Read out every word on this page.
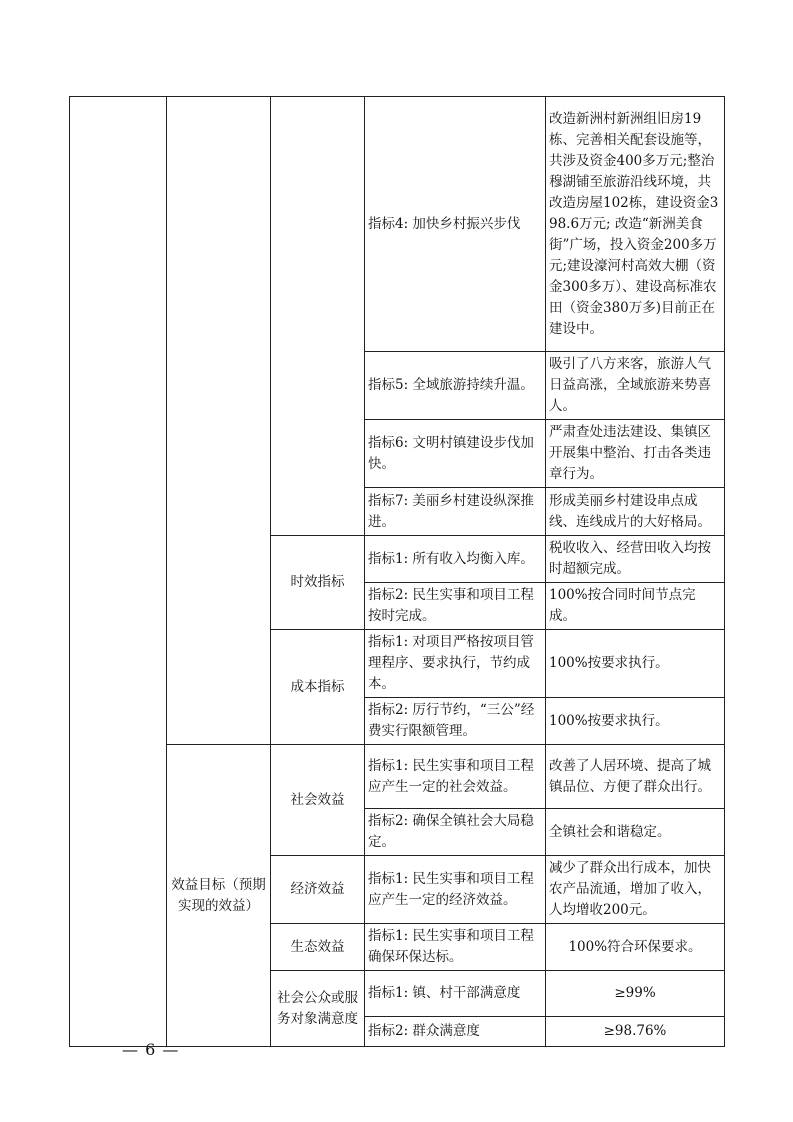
			指标4: 加快乡村振兴步伐	改造新洲村新洲组旧房19栋、完善相关配套设施等，共涉及资金400多万元;整治穆湖铺至旅游沿线环境，共改造房屋102栋，建设资金398.6万元; 改造“新洲美食街”广场，投入资金200多万元;建设濠河村高效大棚（资金300多万）、建设高标准农田（资金380万多)目前正在建设中。
			指标5: 全域旅游持续升温。	吸引了八方来客，旅游人气日益高涨，全域旅游来势喜人。
			指标6: 文明村镇建设步伐加快。	严肃查处违法建设、集镇区开展集中整治、打击各类违章行为。
			指标7: 美丽乡村建设纵深推进。	形成美丽乡村建设串点成线、连线成片的大好格局。
		时效指标	指标1: 所有收入均衡入库。	税收收入、经营田收入均按时超额完成。
			指标2: 民生实事和项目工程按时完成。	100%按合同时间节点完成。
		成本指标	指标1: 对项目严格按项目管理程序、要求执行，节约成本。	100%按要求执行。
			指标2: 厉行节约，“三公”经费实行限额管理。	100%按要求执行。
	效益目标（预期实现的效益）	社会效益	指标1: 民生实事和项目工程应产生一定的社会效益。	改善了人居环境、提高了城镇品位、方便了群众出行。
			指标2: 确保全镇社会大局稳定。	全镇社会和谐稳定。
		经济效益	指标1: 民生实事和项目工程应产生一定的经济效益。	减少了群众出行成本，加快农产品流通，增加了收入，人均增收200元。
		生态效益	指标1: 民生实事和项目工程确保环保达标。	100%符合环保要求。
		社会公众或服务对象满意度	指标1: 镇、村干部满意度	≥99%
			指标2: 群众满意度	≥98.76%
— 6 —
